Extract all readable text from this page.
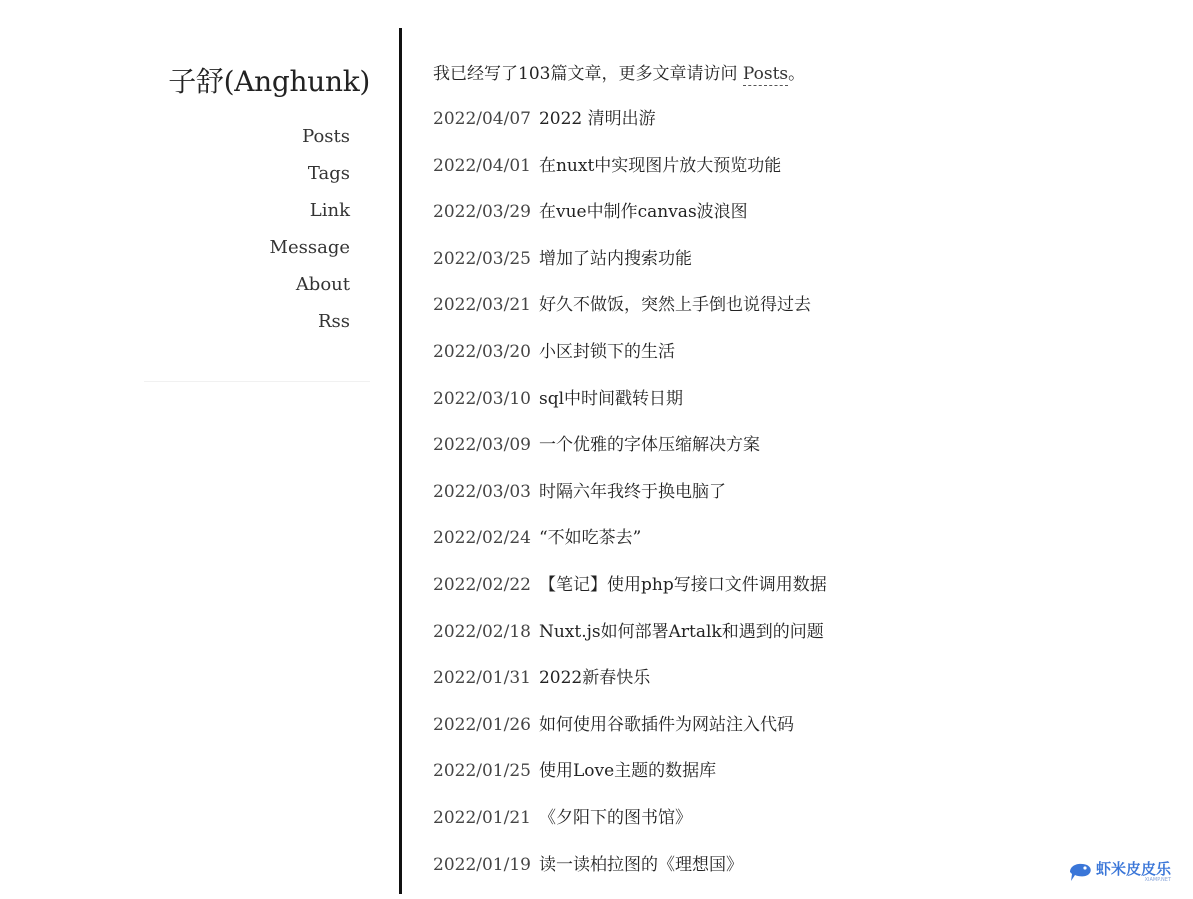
子舒(Anghunk)
Posts
Tags
Link
Message
About
Rss

我已经写了103篇文章，更多文章请访问 Posts。

2022/04/07 2022 清明出游
2022/04/01 在nuxt中实现图片放大预览功能
2022/03/29 在vue中制作canvas波浪图
2022/03/25 增加了站内搜索功能
2022/03/21 好久不做饭，突然上手倒也说得过去
2022/03/20 小区封锁下的生活
2022/03/10 sql中时间戳转日期
2022/03/09 一个优雅的字体压缩解决方案
2022/03/03 时隔六年我终于换电脑了
2022/02/24 “不如吃茶去”
2022/02/22 【笔记】使用php写接口文件调用数据
2022/02/18 Nuxt.js如何部署Artalk和遇到的问题
2022/01/31 2022新春快乐
2022/01/26 如何使用谷歌插件为网站注入代码
2022/01/25 使用Love主题的数据库
2022/01/21 《夕阳下的图书馆》
2022/01/19 读一读柏拉图的《理想国》	虾米皮皮乐
XIAMP.NET
